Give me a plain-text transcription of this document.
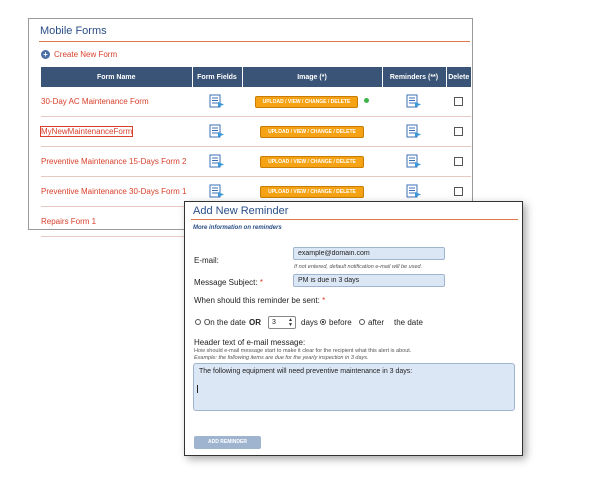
Mobile Forms
+ Create New Form
Form Name	Form Fields	Image (*)	Reminders (**)	Delete
30-Day AC Maintenance Form		UPLOAD / VIEW / CHANGE / DELETE		
MyNewMaintenanceForm		UPLOAD / VIEW / CHANGE / DELETE		
Preventive Maintenance 15-Days Form 2		UPLOAD / VIEW / CHANGE / DELETE		
Preventive Maintenance 30-Days Form 1		UPLOAD / VIEW / CHANGE / DELETE		
Repairs Form 1				
Add New Reminder
More information on reminders
E-mail:
example@domain.com
If not entered, default notification e-mail will be used.
Message Subject: *
PM is due in 3 days
When should this reminder be sent: *
On the date OR	3 ▲
▼ days before after the date
Header text of e-mail message:
How should e-mail message start to make it clear for the recipient what this alert is about.
Example: the following items are due for the yearly inspection in 3 days.
The following equipment will need preventive maintenance in 3 days:
ADD REMINDER
